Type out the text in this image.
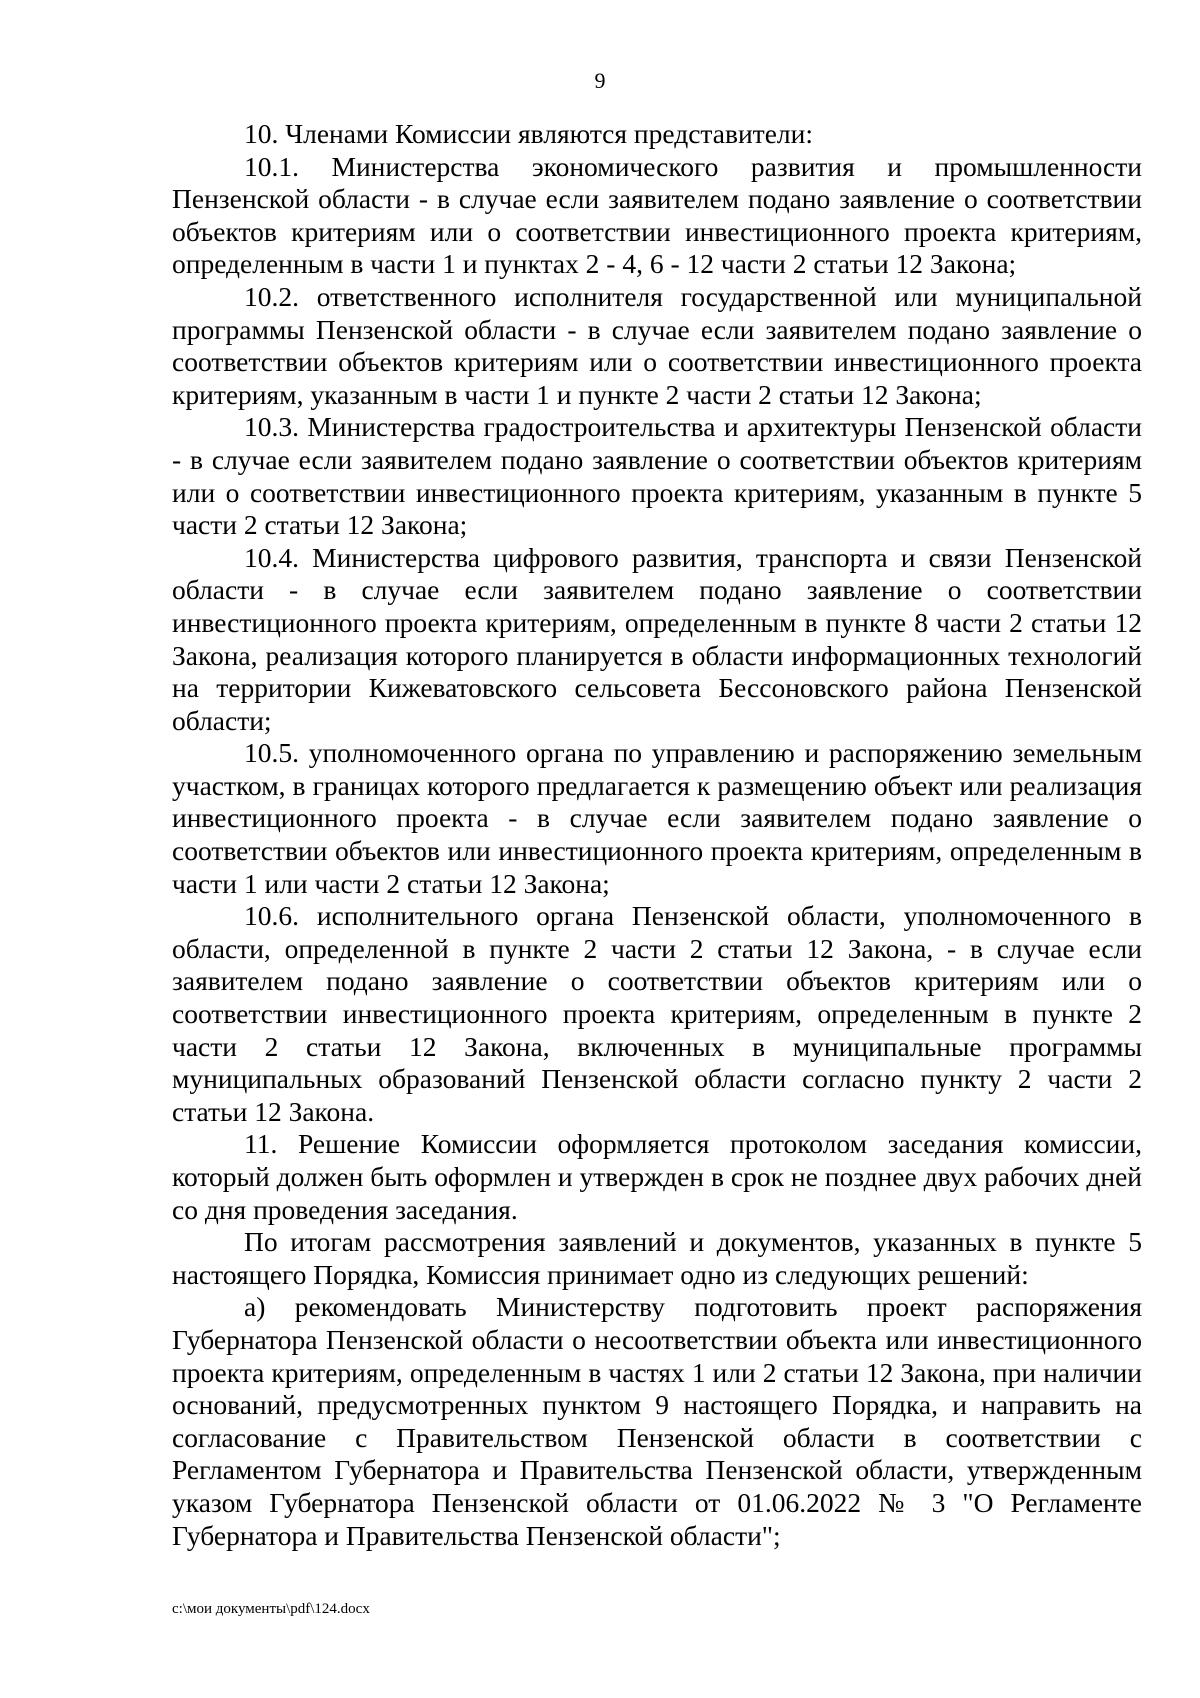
9

10. Членами Комиссии являются представители:

10.1. Министерства экономического развития и промышленности Пензенской области - в случае если заявителем подано заявление о соответствии объектов критериям или о соответствии инвестиционного проекта критериям, определенным в части 1 и пунктах 2 - 4, 6 - 12 части 2 статьи 12 Закона;

10.2. ответственного исполнителя государственной или муниципальной программы Пензенской области - в случае если заявителем подано заявление о соответствии объектов критериям или о соответствии инвестиционного проекта критериям, указанным в части 1 и пункте 2 части 2 статьи 12 Закона;

10.3. Министерства градостроительства и архитектуры Пензенской области - в случае если заявителем подано заявление о соответствии объектов критериям или о соответствии инвестиционного проекта критериям, указанным в пункте 5 части 2 статьи 12 Закона;

10.4. Министерства цифрового развития, транспорта и связи Пензенской области - в случае если заявителем подано заявление о соответствии инвестиционного проекта критериям, определенным в пункте 8 части 2 статьи 12 Закона, реализация которого планируется в области информационных технологий на территории Кижеватовского сельсовета Бессоновского района Пензенской области;

10.5. уполномоченного органа по управлению и распоряжению земельным участком, в границах которого предлагается к размещению объект или реализация инвестиционного проекта - в случае если заявителем подано заявление о соответствии объектов или инвестиционного проекта критериям, определенным в части 1 или части 2 статьи 12 Закона;

10.6. исполнительного органа Пензенской области, уполномоченного в области, определенной в пункте 2 части 2 статьи 12 Закона, - в случае если заявителем подано заявление о соответствии объектов критериям или о соответствии инвестиционного проекта критериям, определенным в пункте 2 части 2 статьи 12 Закона, включенных в муниципальные программы муниципальных образований Пензенской области согласно пункту 2 части 2 статьи 12 Закона.

11. Решение Комиссии оформляется протоколом заседания комиссии, который должен быть оформлен и утвержден в срок не позднее двух рабочих дней со дня проведения заседания.

По итогам рассмотрения заявлений и документов, указанных в пункте 5 настоящего Порядка, Комиссия принимает одно из следующих решений:

а) рекомендовать Министерству подготовить проект распоряжения Губернатора Пензенской области о несоответствии объекта или инвестиционного проекта критериям, определенным в частях 1 или 2 статьи 12 Закона, при наличии оснований, предусмотренных пунктом 9 настоящего Порядка, и направить на согласование с Правительством Пензенской области в соответствии с Регламентом Губернатора и Правительства Пензенской области, утвержденным указом Губернатора Пензенской области от 01.06.2022 № 3 "О Регламенте Губернатора и Правительства Пензенской области";

c:\мои документы\pdf\124.docx
